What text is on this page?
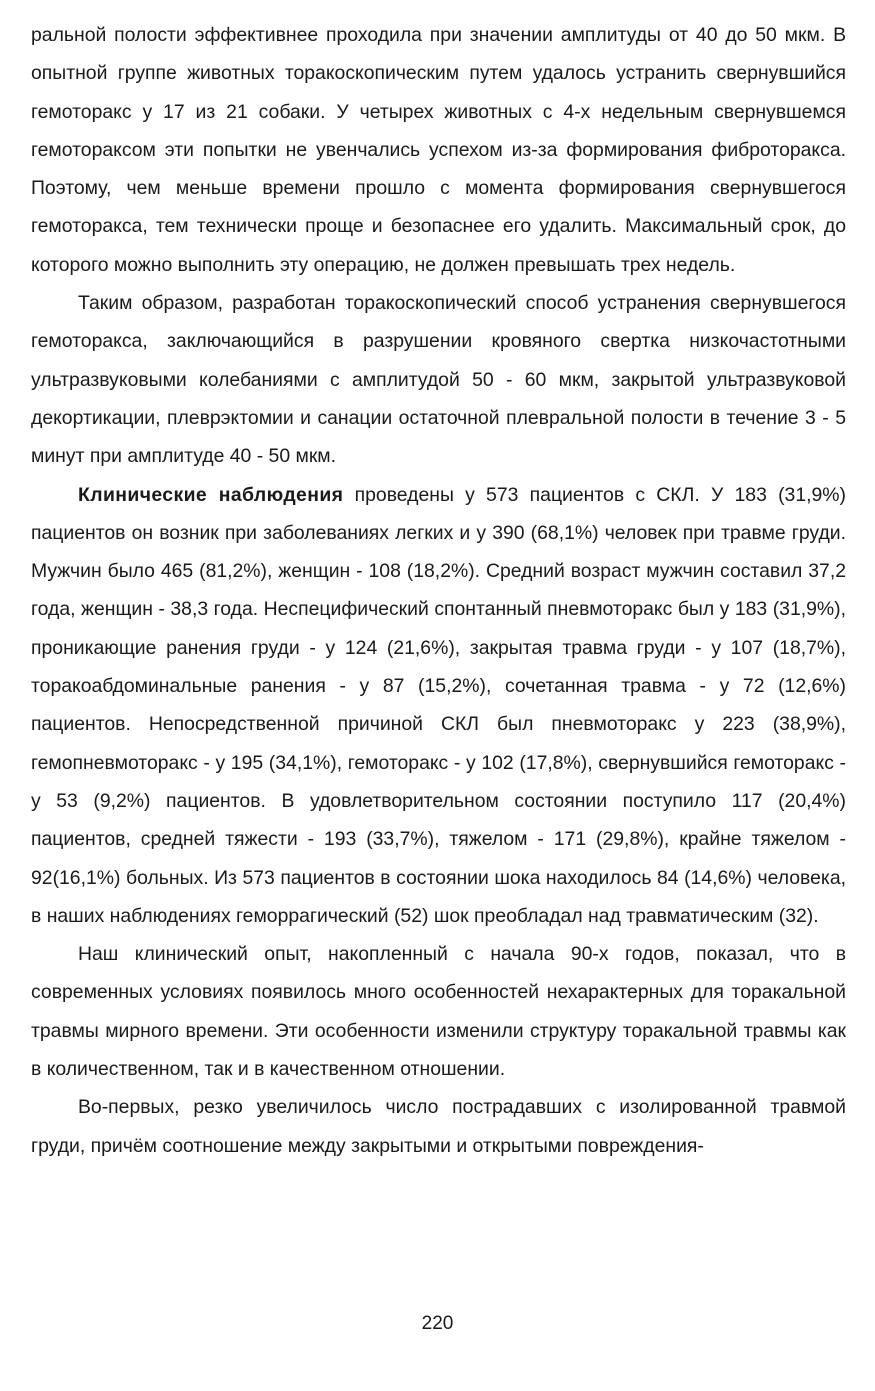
ральной полости эффективнее проходила при значении амплитуды от 40 до 50 мкм. В опытной группе животных торакоскопическим путем удалось устранить свернувшийся гемоторакс у 17 из 21 собаки. У четырех животных с 4-х недельным свернувшемся гемотораксом эти попытки не увенчались успехом из-за формирования фиброторакса. Поэтому, чем меньше времени прошло с момента формирования свернувшегося гемоторакса, тем технически проще и безопаснее его удалить. Максимальный срок, до которого можно выполнить эту операцию, не должен превышать трех недель.

Таким образом, разработан торакоскопический способ устранения свернувшегося гемоторакса, заключающийся в разрушении кровяного свертка низкочастотными ультразвуковыми колебаниями с амплитудой 50 - 60 мкм, закрытой ультразвуковой декортикации, плеврэктомии и санации остаточной плевральной полости в течение 3 - 5 минут при амплитуде 40 - 50 мкм.

Клинические наблюдения проведены у 573 пациентов с СКЛ. У 183 (31,9%) пациентов он возник при заболеваниях легких и у 390 (68,1%) человек при травме груди. Мужчин было 465 (81,2%), женщин - 108 (18,2%). Средний возраст мужчин составил 37,2 года, женщин - 38,3 года. Неспецифический спонтанный пневмоторакс был у 183 (31,9%), проникающие ранения груди - у 124 (21,6%), закрытая травма груди - у 107 (18,7%), торакоабдоминальные ранения - у 87 (15,2%), сочетанная травма - у 72 (12,6%) пациентов. Непосредственной причиной СКЛ был пневмоторакс у 223 (38,9%), гемопневмоторакс - у 195 (34,1%), гемоторакс - у 102 (17,8%), свернувшийся гемоторакс - у 53 (9,2%) пациентов. В удовлетворительном состоянии поступило 117 (20,4%) пациентов, средней тяжести - 193 (33,7%), тяжелом - 171 (29,8%), крайне тяжелом - 92(16,1%) больных. Из 573 пациентов в состоянии шока находилось 84 (14,6%) человека, в наших наблюдениях геморрагический (52) шок преобладал над травматическим (32).

Наш клинический опыт, накопленный с начала 90-х годов, показал, что в современных условиях появилось много особенностей нехарактерных для торакальной травмы мирного времени. Эти особенности изменили структуру торакальной травмы как в количественном, так и в качественном отношении.

Во-первых, резко увеличилось число пострадавших с изолированной травмой груди, причём соотношение между закрытыми и открытыми повреждения-

220
